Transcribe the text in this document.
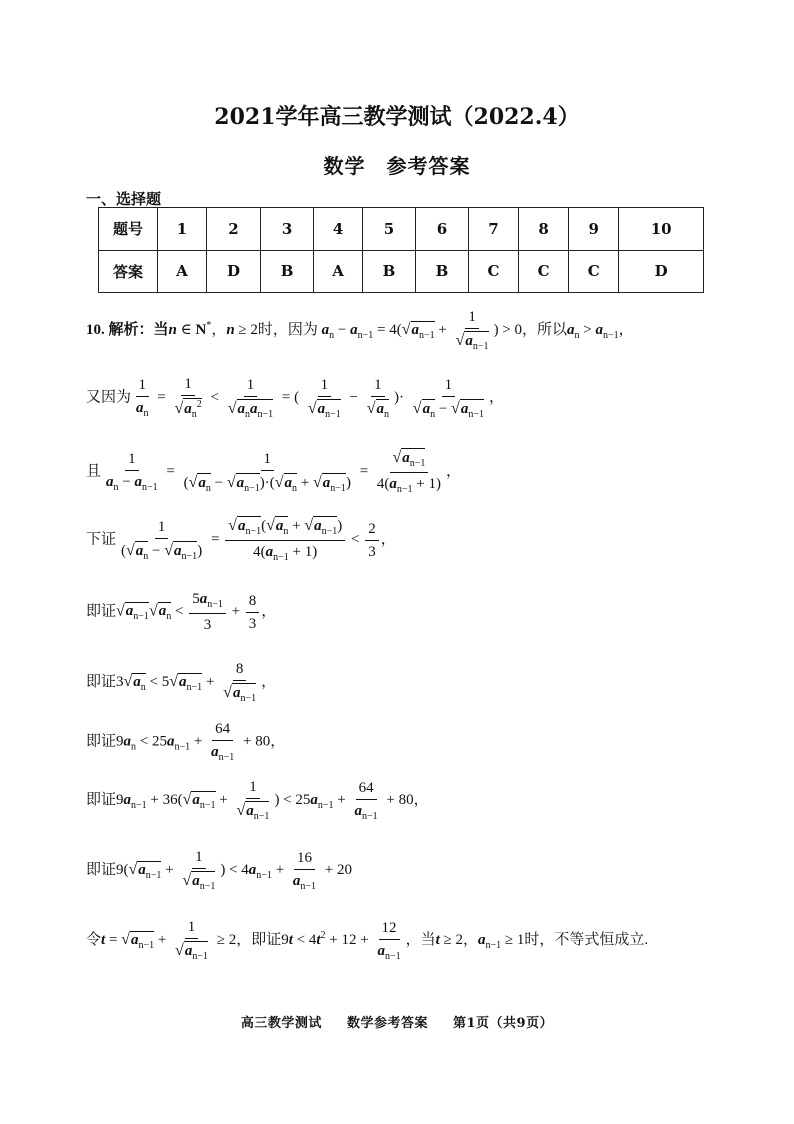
2021学年高三教学测试（2022.4）
数学　参考答案
一、选择题
题号	1	2	3	4	5	6	7	8	9	10
答案	A	D	B	A	B	B	C	C	C	D
10. 解析：当n ∈ N*，n ≥ 2时，因为 $a_n - a_{n-1} = 4(√a_{n-1} + \frac{1}{√a_{n-1}}$ ) > 0，所以$a_n > a_{n-1}$，
又因为 $\frac{1}{a_n} = \frac{1}{√a_n^2} < \frac{1}{√a_na_{n-1}}$ = ( $\frac{1}{√a_{n-1}} - \frac{1}{√a_n}$ )· $\frac{1}{√a_n - √a_{n-1}}$ ，
且 $\frac{1}{a_n - a_{n-1}} = \frac{1}{(√a_n - √a_{n-1})\cdot(√a_n + √a_{n-1})} = \frac{√a_{n-1}}{4(a_{n-1} + 1)}$ ，
下证 $\frac{1}{(√a_n - √a_{n-1})} = \frac{√a_{n-1}(√a_n + √a_{n-1})}{4(a_{n-1} + 1)} < \frac{2}{3}$ ，
即证$√a_{n-1}√a_n < \frac{5a_{n-1}}{3} + \frac{8}{3}$ ，
即证$3√a_n < 5√a_{n-1} + \frac{8}{√a_{n-1}}$ ，
即证$9a_n < 25a_{n-1} + \frac{64}{a_{n-1}} + 80$，
即证$9a_{n-1} + 36(√a_{n-1} + \frac{1}{√a_{n-1}}$ ) < $25a_{n-1} + \frac{64}{a_{n-1}} + 80$，
即证$9(√a_{n-1} + \frac{1}{√a_{n-1}}$ ) < $4a_{n-1} + \frac{16}{a_{n-1}} + 20$
令$t = √a_{n-1} + \frac{1}{√a_{n-1}} \ge 2$，即证$9t < 4t^2 + 12 + \frac{12}{a_{n-1}}$ ，当t ≥ 2，$a_{n-1} \ge 1$时，不等式恒成立.
高三教学测试 数学参考答案 第1页（共9页）
